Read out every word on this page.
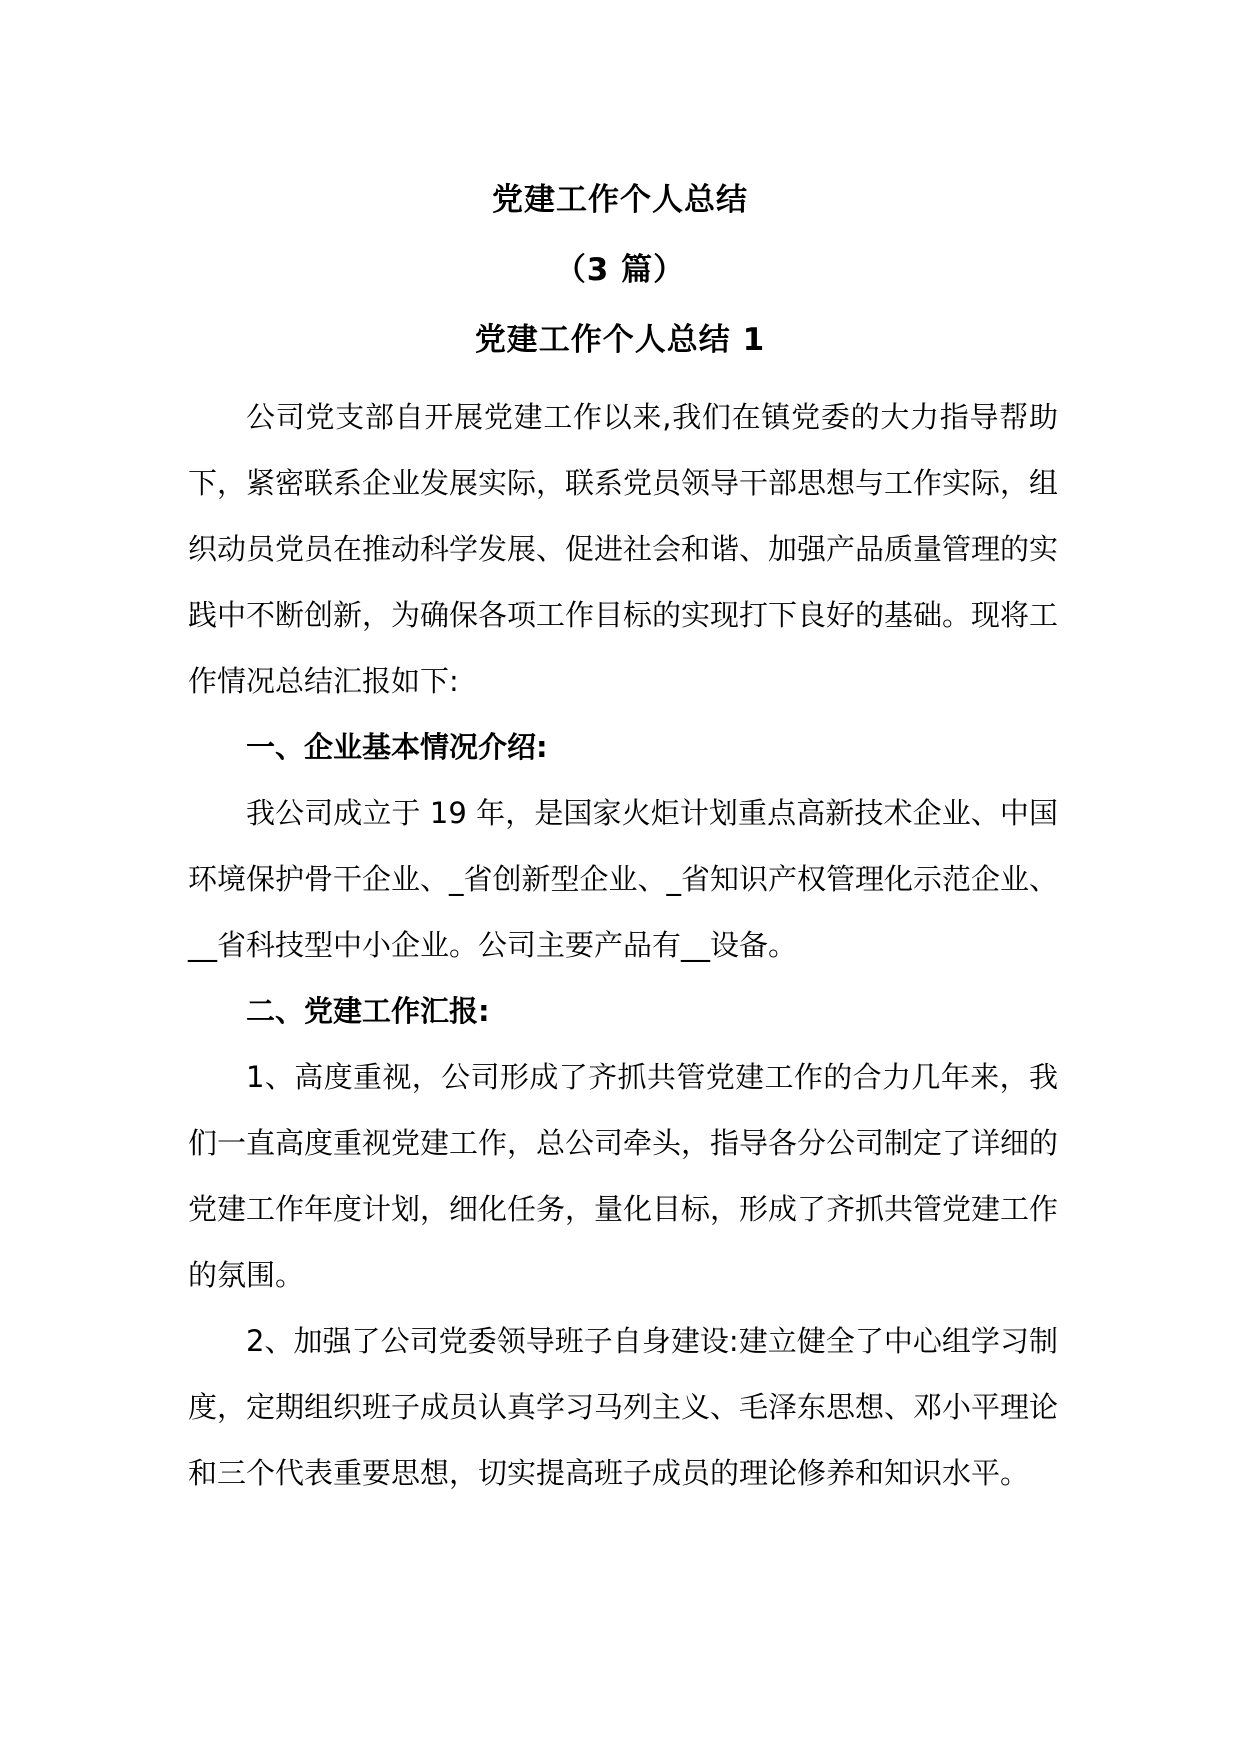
党建工作个人总结
（3 篇）
党建工作个人总结 1

公司党支部自开展党建工作以来,我们在镇党委的大力指导帮助下，紧密联系企业发展实际，联系党员领导干部思想与工作实际，组织动员党员在推动科学发展、促进社会和谐、加强产品质量管理的实践中不断创新，为确保各项工作目标的实现打下良好的基础。现将工作情况总结汇报如下:

一、企业基本情况介绍:

我公司成立于 19 年，是国家火炬计划重点高新技术企业、中国环境保护骨干企业、_省创新型企业、_省知识产权管理化示范企业、__省科技型中小企业。公司主要产品有__设备。

二、党建工作汇报:

1、高度重视，公司形成了齐抓共管党建工作的合力几年来，我们一直高度重视党建工作，总公司牵头，指导各分公司制定了详细的党建工作年度计划，细化任务，量化目标，形成了齐抓共管党建工作的氛围。

2、加强了公司党委领导班子自身建设:建立健全了中心组学习制度，定期组织班子成员认真学习马列主义、毛泽东思想、邓小平理论和三个代表重要思想，切实提高班子成员的理论修养和知识水平。
